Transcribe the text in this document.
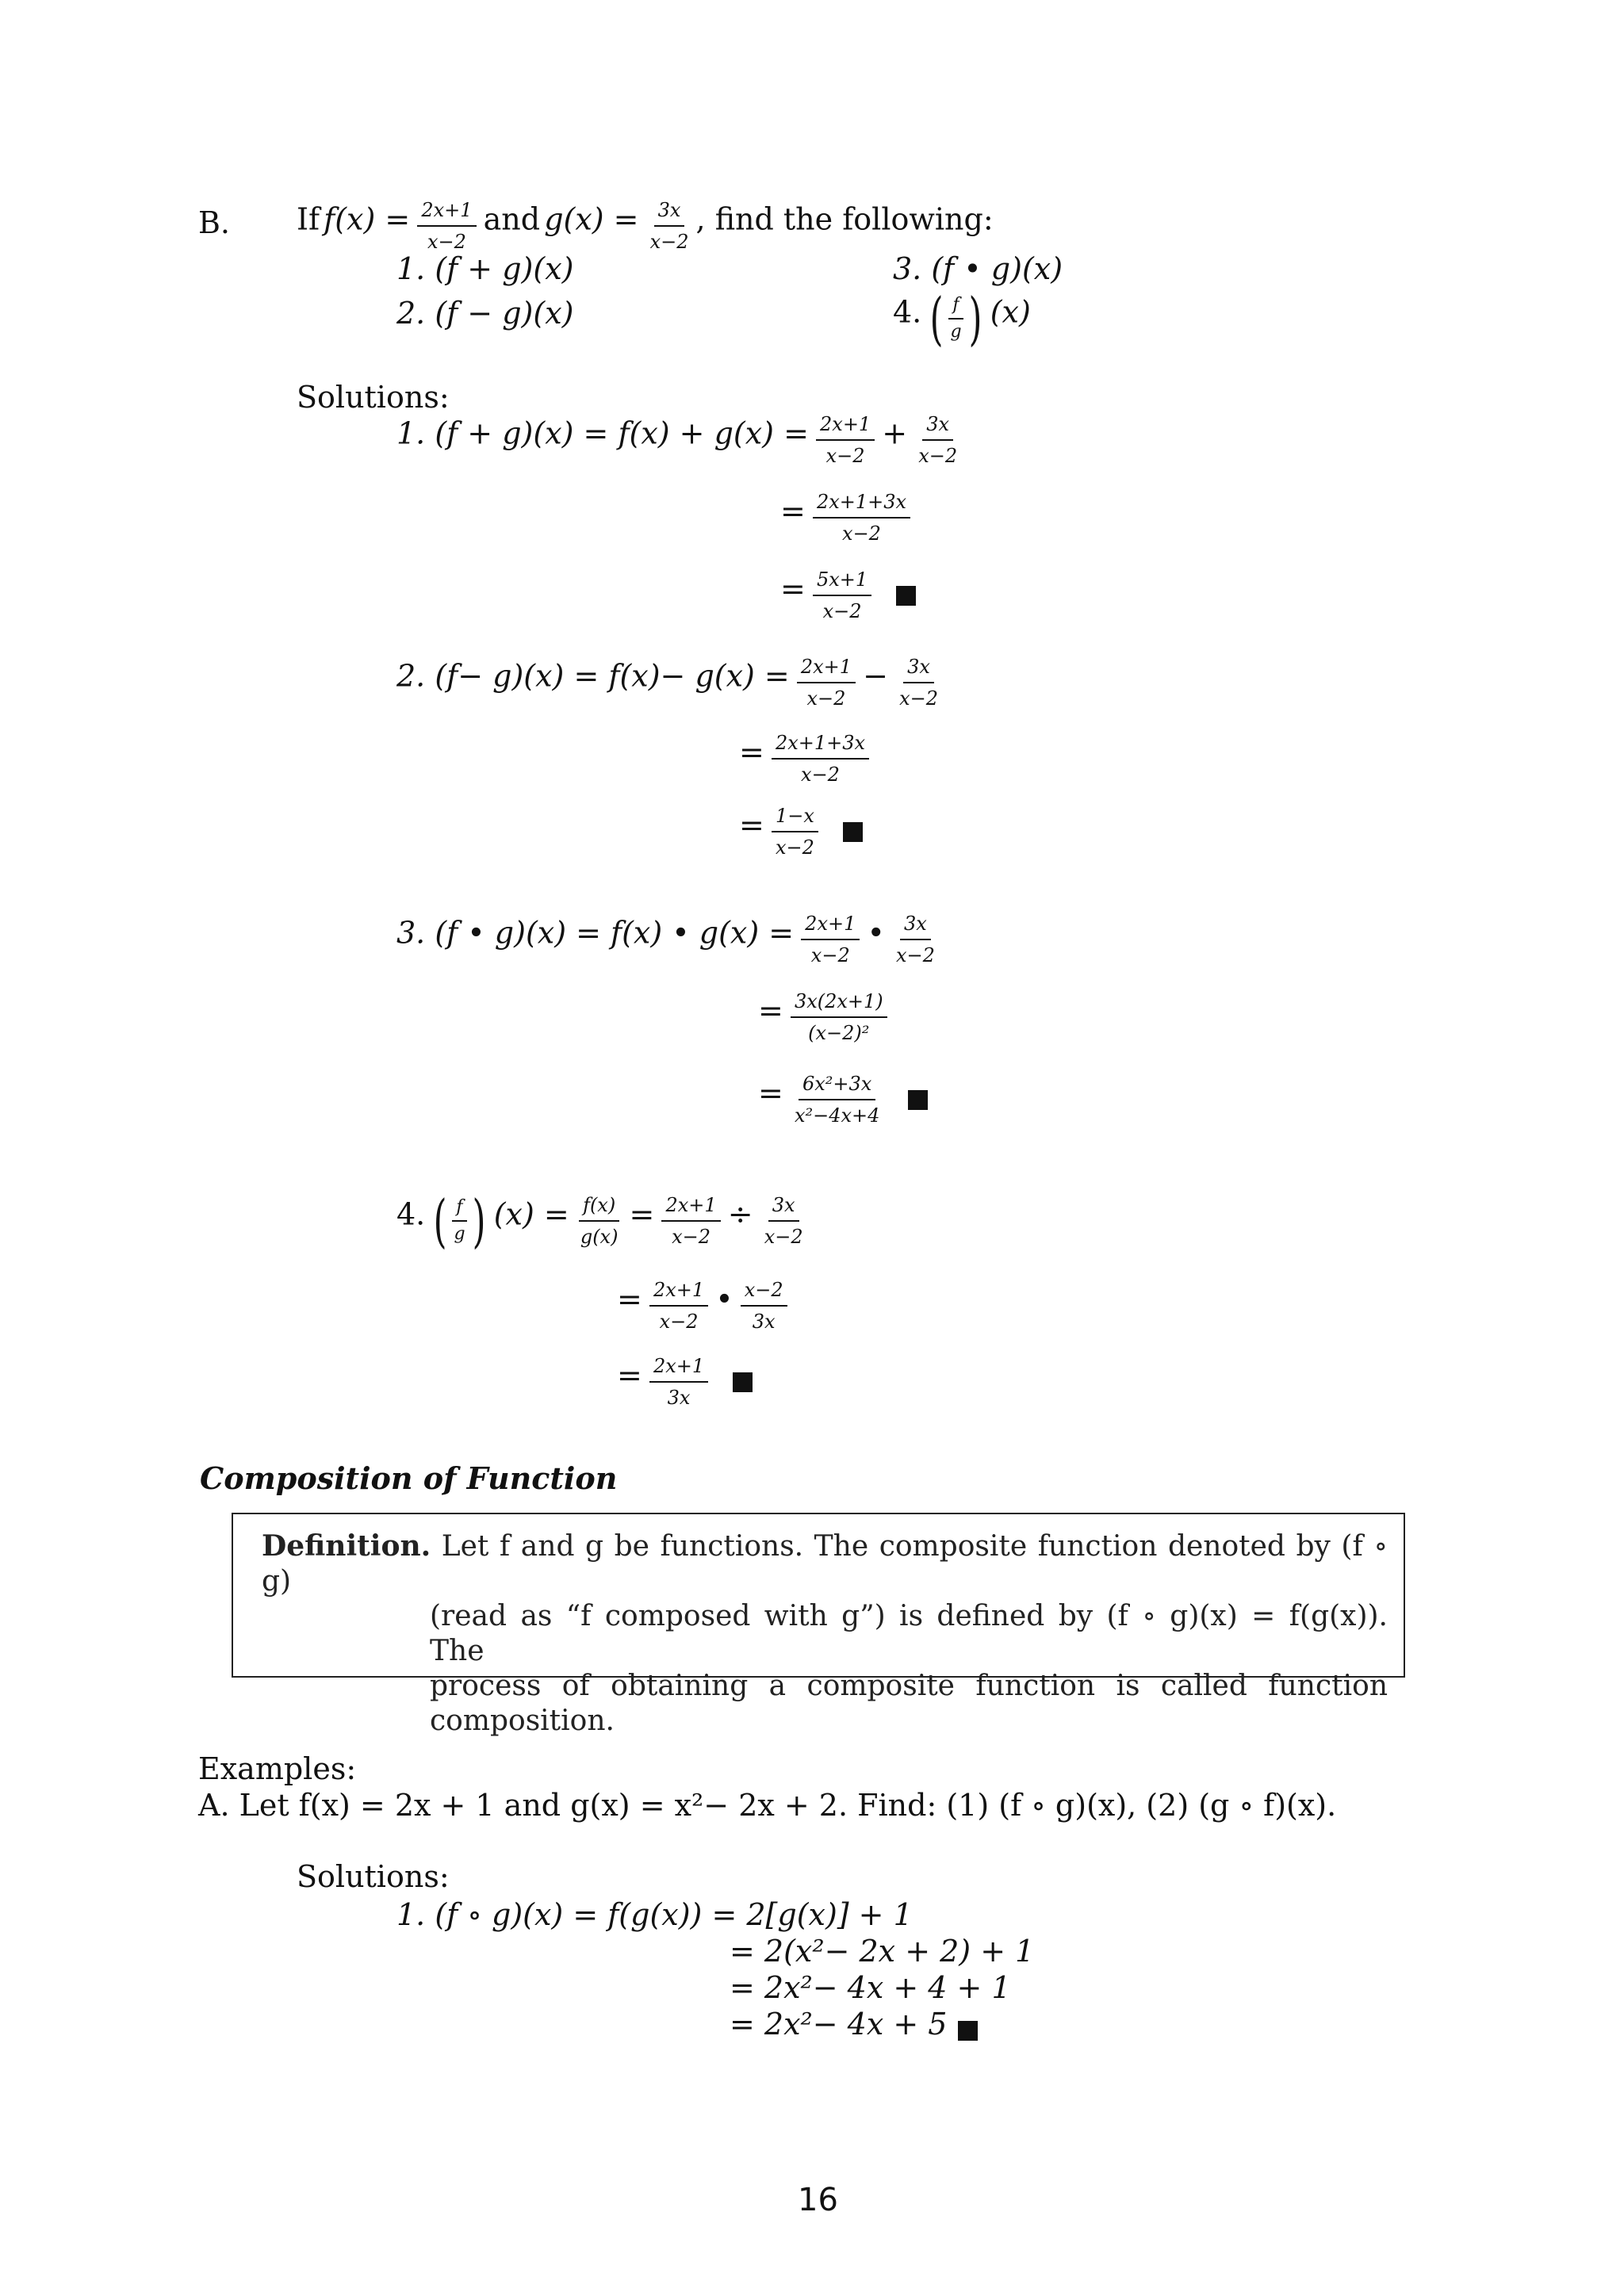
B. If $f(x) = \frac{2x+1}{x-2}$ and $g(x) = \frac{3x}{x-2}$ , find the following:
1. (f + g)(x)
2. (f − g)(x)
3. (f • g)(x)
4. ( $\frac{f}{g}$ ) (x)
Solutions:
1. $(f + g)(x) = f(x) + g(x) = \frac{2x+1}{x-2} + \frac{3x}{x-2}$
= $\frac{2x+1+3x}{x-2}$
= $\frac{5x+1}{x-2}$

2. $(f- g)(x) = f(x)- g(x) = \frac{2x+1}{x-2} - \frac{3x}{x-2}$
= $\frac{2x+1+3x}{x-2}$
= $\frac{1-x}{x-2}$

3. (f • g)(x) = f(x) • $g(x) = \frac{2x+1}{x-2}$ • $\frac{3x}{x-2}$
= $\frac{3x(2x+1)}{\text{(x−2)²}}$
= $\frac{\text{6x²+3x}}{\text{x²−4x+4}}$

4. ( $\frac{f}{g}$ ) $(x) = \frac{f(x)}{g(x)} = \frac{2x+1}{x-2} \div \frac{3x}{x-2}$
= $\frac{2x+1}{x-2}$ • $\frac{x-2}{3x}$
= $\frac{2x+1}{3x}$

Composition of Function
Definition. Let f and g be functions. The composite function denoted by (f ∘ g)
(read as “f composed with g”) is defined by (f ∘ g)(x) = f(g(x)). The
process of obtaining a composite function is called function
composition.
Examples:
A. Let f(x) = 2x + 1 and g(x) = x²− 2x + 2. Find: (1) (f ∘ g)(x), (2) (g ∘ f)(x).
Solutions:
1. (f ∘ g)(x) = f(g(x)) = 2[g(x)] + 1
= 2(x²− 2x + 2) + 1
= 2x²− 4x + 4 + 1
= 2x²− 4x + 5
16
